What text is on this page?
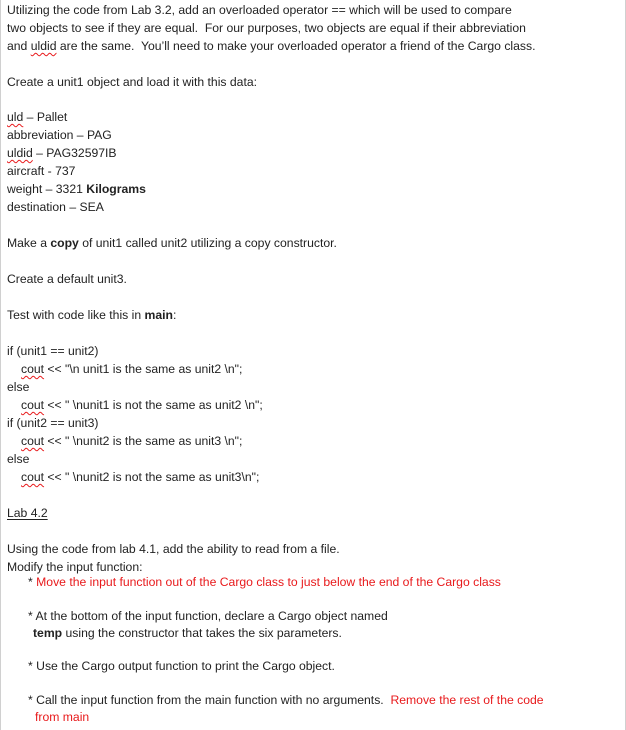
Utilizing the code from Lab 3.2, add an overloaded operator == which will be used to compare
two objects to see if they are equal.  For our purposes, two objects are equal if their abbreviation
and uldid are the same.  You’ll need to make your overloaded operator a friend of the Cargo class.
Create a unit1 object and load it with this data:
uld – Pallet
abbreviation – PAG
uldid – PAG32597IB
aircraft - 737
weight – 3321 Kilograms
destination – SEA
Make a copy of unit1 called unit2 utilizing a copy constructor.
Create a default unit3.
Test with code like this in main:
if (unit1 == unit2)
cout << "\n unit1 is the same as unit2 \n";
else
cout << " \nunit1 is not the same as unit2 \n";
if (unit2 == unit3)
cout << " \nunit2 is the same as unit3 \n";
else
cout << " \nunit2 is not the same as unit3\n";
Lab 4.2
Using the code from lab 4.1, add the ability to read from a file.
Modify the input function:
* Move the input function out of the Cargo class to just below the end of the Cargo class
* At the bottom of the input function, declare a Cargo object named
temp using the constructor that takes the six parameters.
* Use the Cargo output function to print the Cargo object.
* Call the input function from the main function with no arguments.  Remove the rest of the code
from main
